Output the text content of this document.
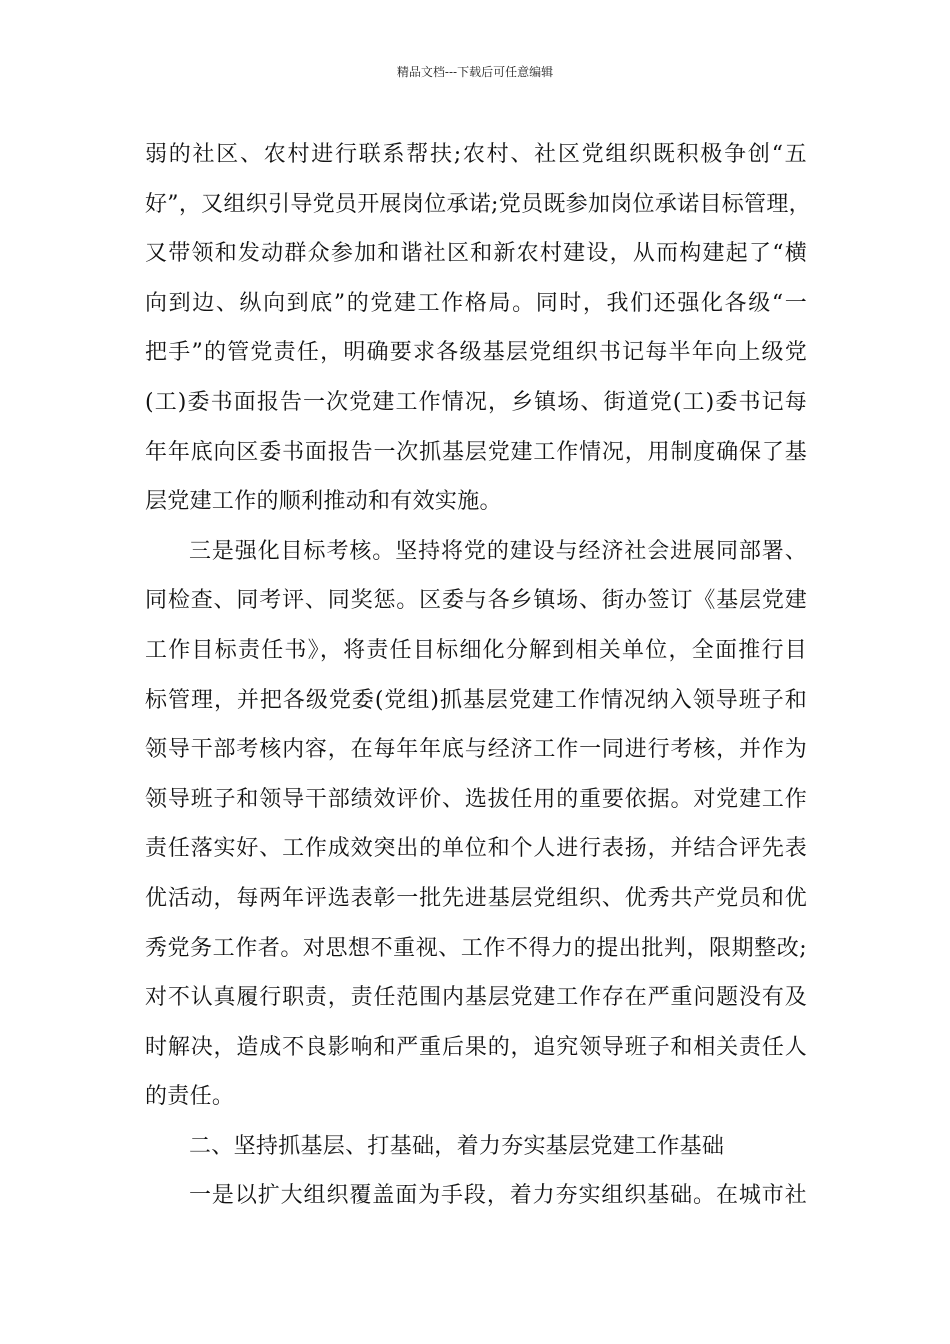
精品文档---下载后可任意编辑
弱的社区、农村进行联系帮扶;农村、社区党组织既积极争创“五
好”，又组织引导党员开展岗位承诺;党员既参加岗位承诺目标管理，
又带领和发动群众参加和谐社区和新农村建设，从而构建起了“横
向到边、纵向到底”的党建工作格局。同时，我们还强化各级“一
把手”的管党责任，明确要求各级基层党组织书记每半年向上级党
(工)委书面报告一次党建工作情况，乡镇场、街道党(工)委书记每
年年底向区委书面报告一次抓基层党建工作情况，用制度确保了基
层党建工作的顺利推动和有效实施。
三是强化目标考核。坚持将党的建设与经济社会进展同部署、
同检查、同考评、同奖惩。区委与各乡镇场、街办签订《基层党建
工作目标责任书》，将责任目标细化分解到相关单位，全面推行目
标管理，并把各级党委(党组)抓基层党建工作情况纳入领导班子和
领导干部考核内容，在每年年底与经济工作一同进行考核，并作为
领导班子和领导干部绩效评价、选拔任用的重要依据。对党建工作
责任落实好、工作成效突出的单位和个人进行表扬，并结合评先表
优活动，每两年评选表彰一批先进基层党组织、优秀共产党员和优
秀党务工作者。对思想不重视、工作不得力的提出批判，限期整改;
对不认真履行职责，责任范围内基层党建工作存在严重问题没有及
时解决，造成不良影响和严重后果的，追究领导班子和相关责任人
的责任。
二、坚持抓基层、打基础，着力夯实基层党建工作基础
一是以扩大组织覆盖面为手段，着力夯实组织基础。在城市社
